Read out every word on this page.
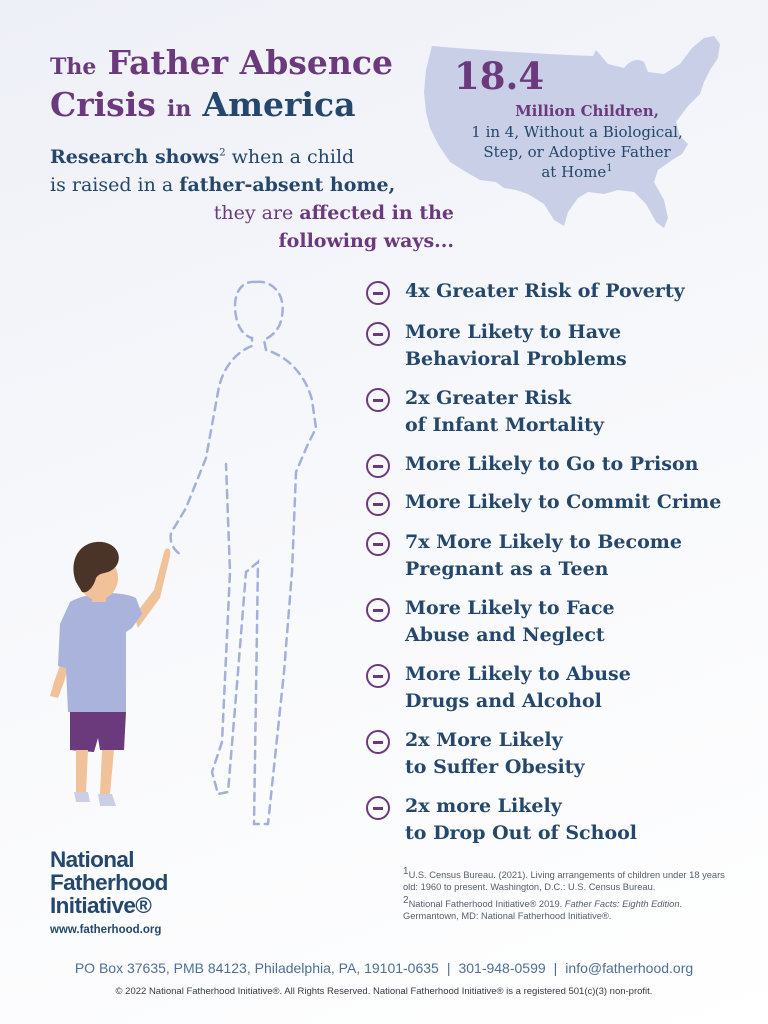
The Father Absence
Crisis in America
18.4
Million Children,
1 in 4, Without a Biological,
Step, or Adoptive Father
at Home$^1$
Research shows$^2$ when a child
is raised in a father-absent home,
they are affected in the
following ways...
4x Greater Risk of Poverty
More Likety to Have
Behavioral Problems
2x Greater Risk
of Infant Mortality
More Likely to Go to Prison
More Likely to Commit Crime
7x More Likely to Become
Pregnant as a Teen
More Likely to Face
Abuse and Neglect
More Likely to Abuse
Drugs and Alcohol
2x More Likely
to Suffer Obesity
2x more Likely
to Drop Out of School

$^1$U.S. Census Bureau. (2021). Living arrangements of children under 18 years old: 1960 to present. Washington, D.C.: U.S. Census Bureau.

$^2$National Fatherhood Initiative® 2019. Father Facts: Eighth Edition. Germantown, MD: National Fatherhood Initiative®.

National
Fatherhood
Initiative®
www.fatherhood.org
PO Box 37635, PMB 84123, Philadelphia, PA, 19101-0635 | 301-948-0599 | info@fatherhood.org
© 2022 National Fatherhood Initiative®. All Rights Reserved. National Fatherhood Initiative® is a registered 501(c)(3) non-profit.
